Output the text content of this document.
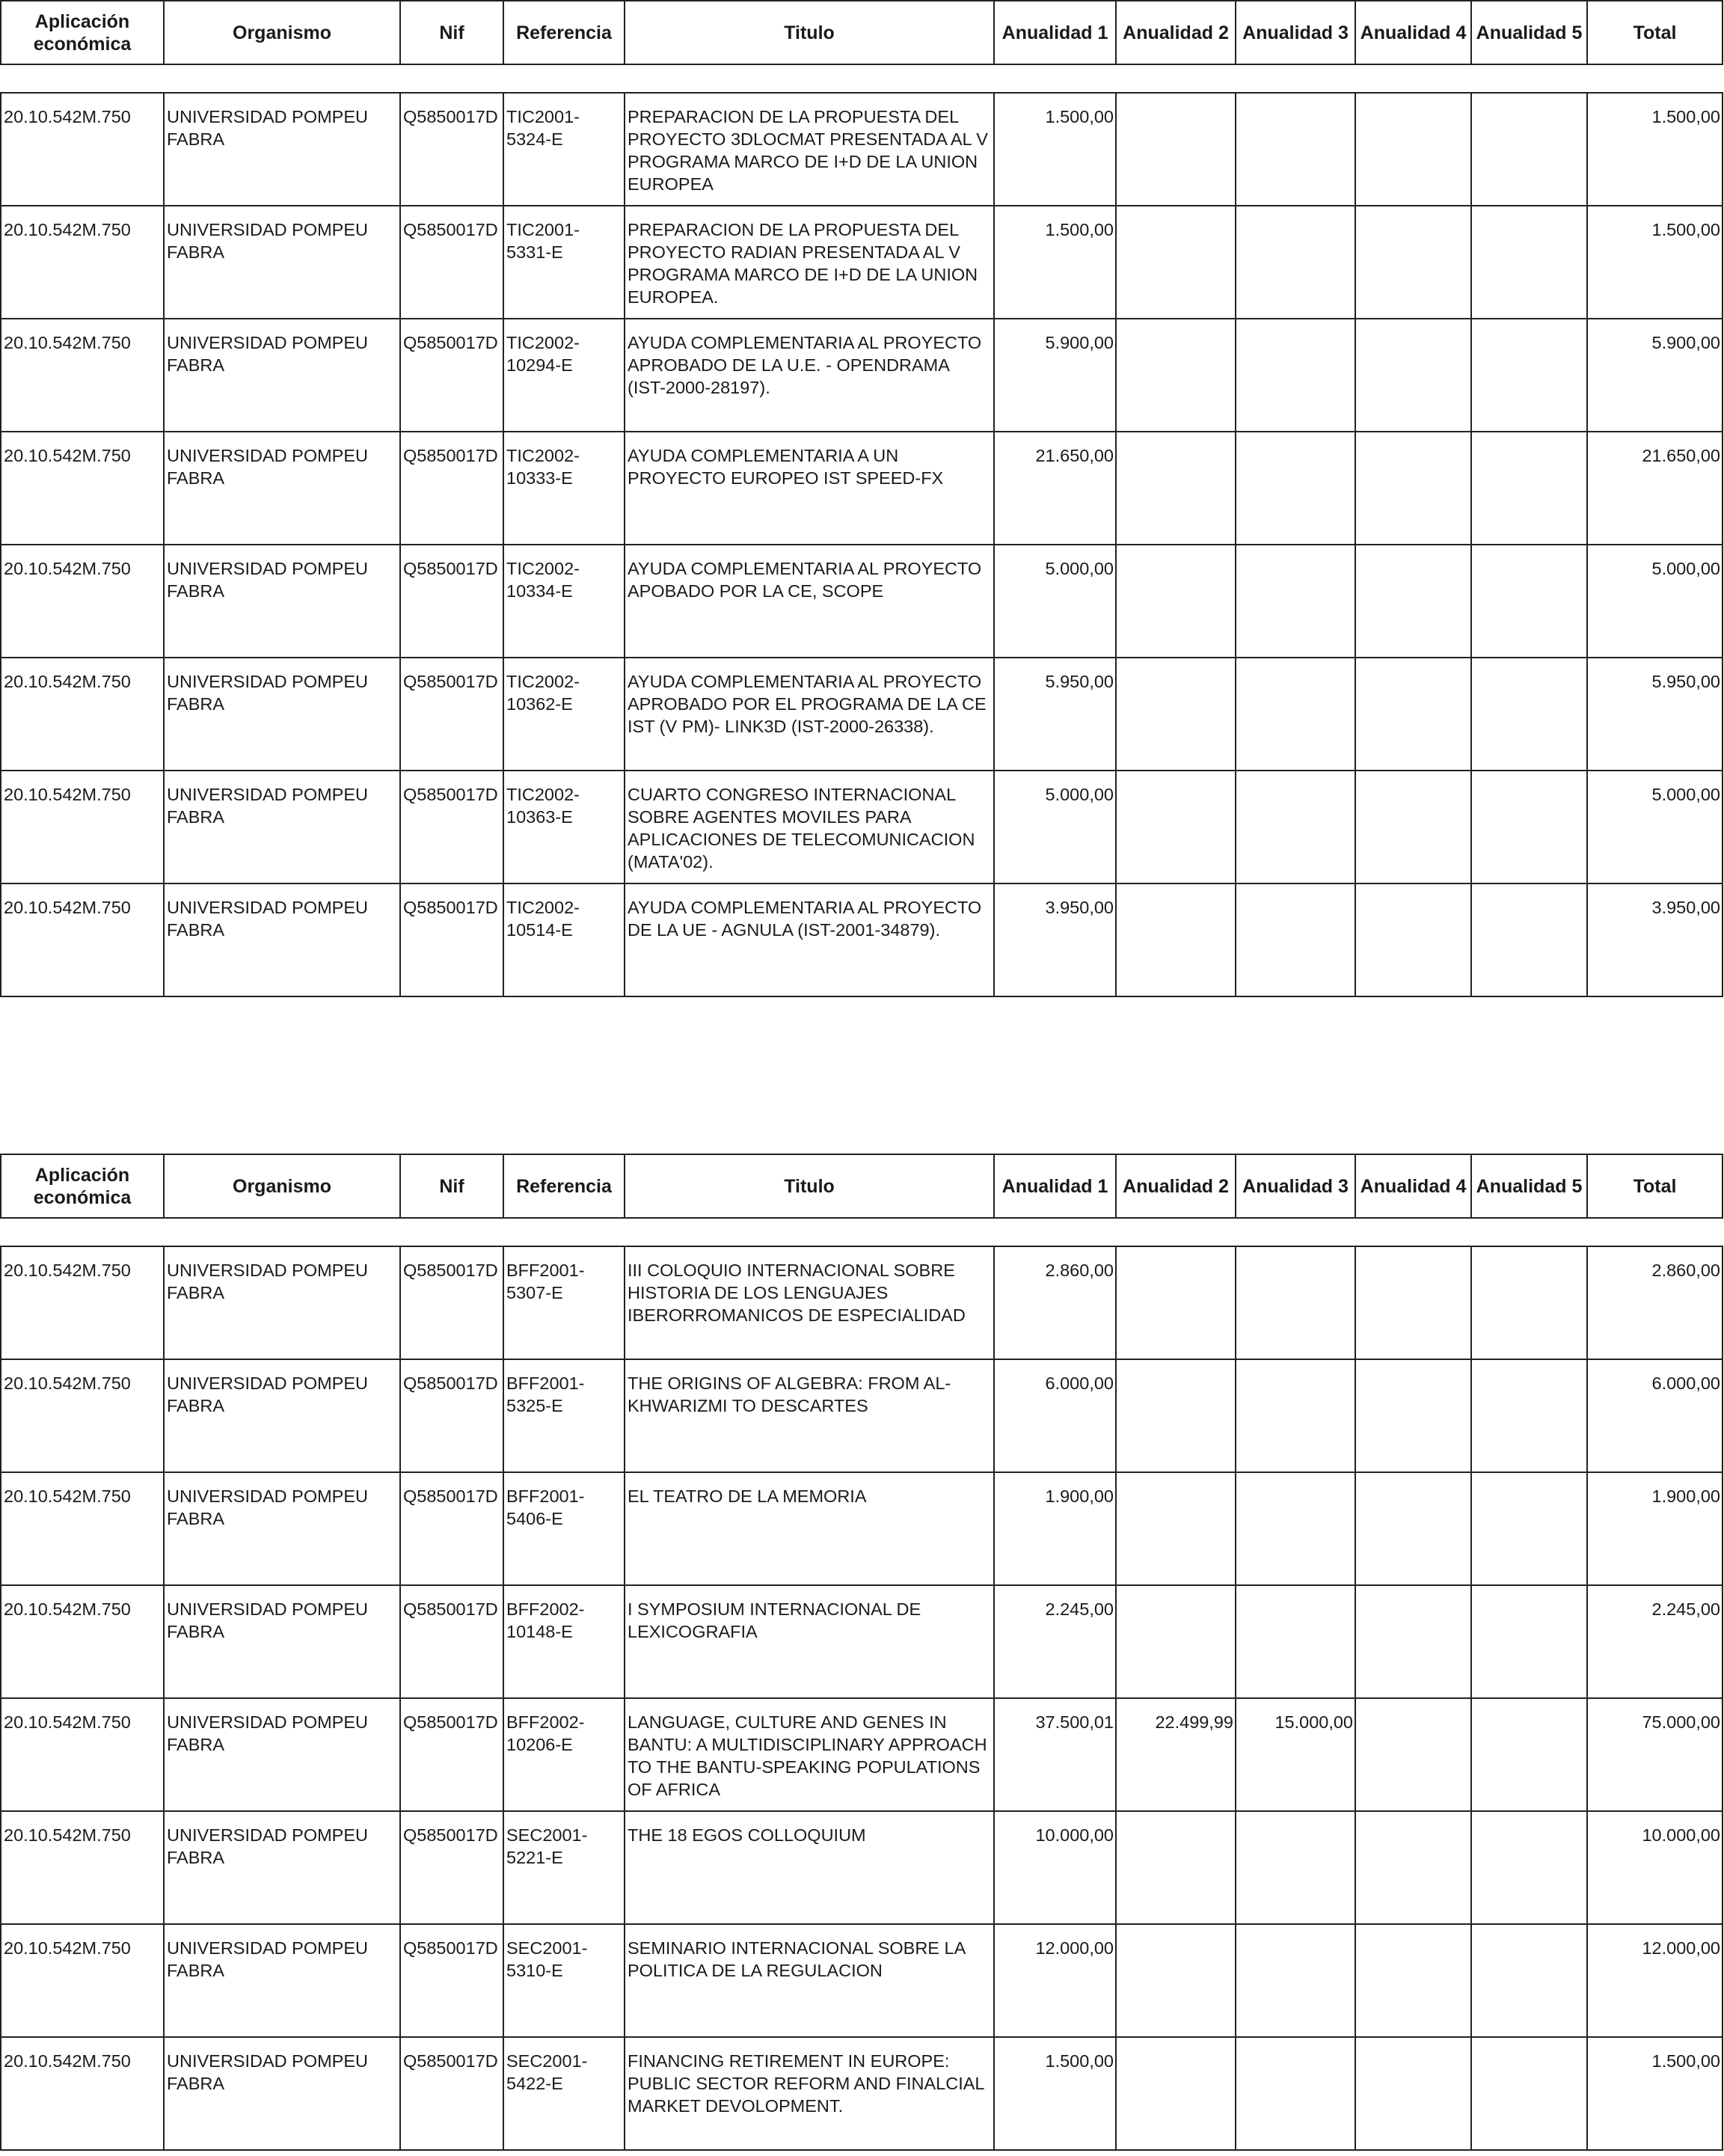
Aplicación económica	Organismo	Nif	Referencia	Titulo	Anualidad 1	Anualidad 2	Anualidad 3	Anualidad 4	Anualidad 5	Total

20.10.542M.750	UNIVERSIDAD POMPEU FABRA	Q5850017D	TIC2001-5324-E	PREPARACION DE LA PROPUESTA DEL PROYECTO 3DLOCMAT PRESENTADA AL V PROGRAMA MARCO DE I+D DE LA UNION EUROPEA	1.500,00					1.500,00
20.10.542M.750	UNIVERSIDAD POMPEU FABRA	Q5850017D	TIC2001-5331-E	PREPARACION DE LA PROPUESTA DEL PROYECTO RADIAN PRESENTADA AL V PROGRAMA MARCO DE I+D DE LA UNION EUROPEA.	1.500,00					1.500,00
20.10.542M.750	UNIVERSIDAD POMPEU FABRA	Q5850017D	TIC2002-10294-E	AYUDA COMPLEMENTARIA AL PROYECTO APROBADO DE LA U.E. - OPENDRAMA (IST-2000-28197).	5.900,00					5.900,00
20.10.542M.750	UNIVERSIDAD POMPEU FABRA	Q5850017D	TIC2002-10333-E	AYUDA COMPLEMENTARIA A UN PROYECTO EUROPEO IST SPEED-FX	21.650,00					21.650,00
20.10.542M.750	UNIVERSIDAD POMPEU FABRA	Q5850017D	TIC2002-10334-E	AYUDA COMPLEMENTARIA AL PROYECTO APOBADO POR LA CE, SCOPE	5.000,00					5.000,00
20.10.542M.750	UNIVERSIDAD POMPEU FABRA	Q5850017D	TIC2002-10362-E	AYUDA COMPLEMENTARIA AL PROYECTO APROBADO POR EL PROGRAMA DE LA CE IST (V PM)- LINK3D (IST-2000-26338).	5.950,00					5.950,00
20.10.542M.750	UNIVERSIDAD POMPEU FABRA	Q5850017D	TIC2002-10363-E	CUARTO CONGRESO INTERNACIONAL SOBRE AGENTES MOVILES PARA APLICACIONES DE TELECOMUNICACION (MATA'02).	5.000,00					5.000,00
20.10.542M.750	UNIVERSIDAD POMPEU FABRA	Q5850017D	TIC2002-10514-E	AYUDA COMPLEMENTARIA AL PROYECTO DE LA UE - AGNULA (IST-2001-34879).	3.950,00					3.950,00
Aplicación económica	Organismo	Nif	Referencia	Titulo	Anualidad 1	Anualidad 2	Anualidad 3	Anualidad 4	Anualidad 5	Total

20.10.542M.750	UNIVERSIDAD POMPEU FABRA	Q5850017D	BFF2001-5307-E	III COLOQUIO INTERNACIONAL SOBRE HISTORIA DE LOS LENGUAJES IBERORROMANICOS DE ESPECIALIDAD	2.860,00					2.860,00
20.10.542M.750	UNIVERSIDAD POMPEU FABRA	Q5850017D	BFF2001-5325-E	THE ORIGINS OF ALGEBRA: FROM AL-KHWARIZMI TO DESCARTES	6.000,00					6.000,00
20.10.542M.750	UNIVERSIDAD POMPEU FABRA	Q5850017D	BFF2001-5406-E	EL TEATRO DE LA MEMORIA	1.900,00					1.900,00
20.10.542M.750	UNIVERSIDAD POMPEU FABRA	Q5850017D	BFF2002-10148-E	I SYMPOSIUM INTERNACIONAL DE LEXICOGRAFIA	2.245,00					2.245,00
20.10.542M.750	UNIVERSIDAD POMPEU FABRA	Q5850017D	BFF2002-10206-E	LANGUAGE, CULTURE AND GENES IN BANTU: A MULTIDISCIPLINARY APPROACH TO THE BANTU-SPEAKING POPULATIONS OF AFRICA	37.500,01	22.499,99	15.000,00			75.000,00
20.10.542M.750	UNIVERSIDAD POMPEU FABRA	Q5850017D	SEC2001-5221-E	THE 18 EGOS COLLOQUIUM	10.000,00					10.000,00
20.10.542M.750	UNIVERSIDAD POMPEU FABRA	Q5850017D	SEC2001-5310-E	SEMINARIO INTERNACIONAL SOBRE LA POLITICA DE LA REGULACION	12.000,00					12.000,00
20.10.542M.750	UNIVERSIDAD POMPEU FABRA	Q5850017D	SEC2001-5422-E	FINANCING RETIREMENT IN EUROPE: PUBLIC SECTOR REFORM AND FINALCIAL MARKET DEVOLOPMENT.	1.500,00					1.500,00
